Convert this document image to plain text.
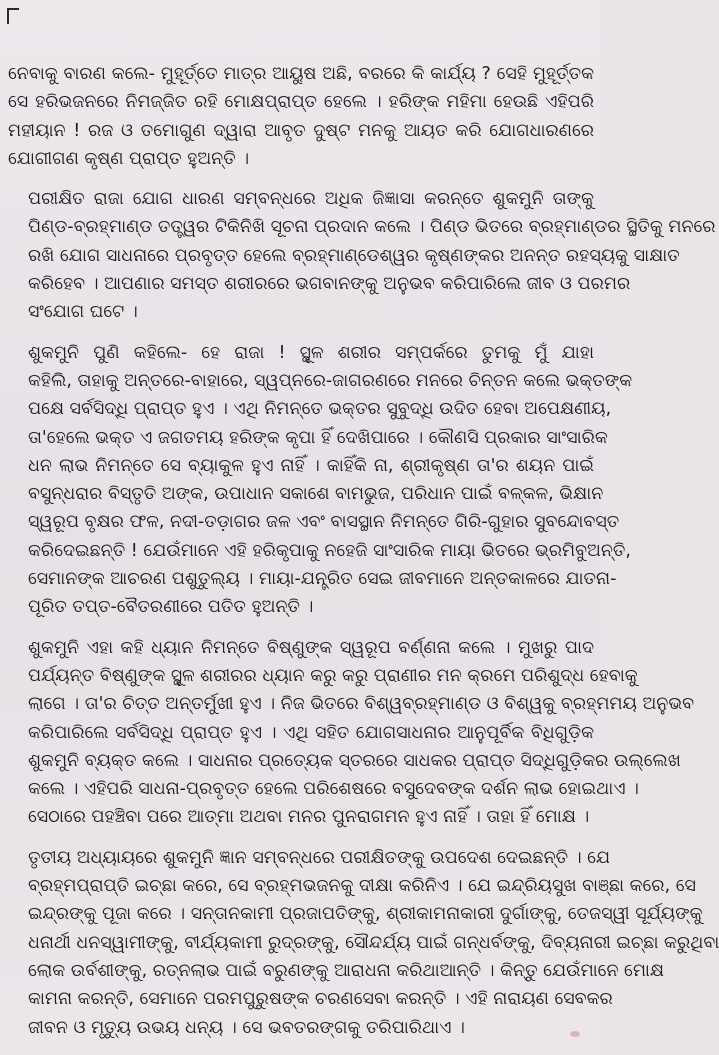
ନେବାକୁ ବାରଣ କଲେ- ମୁହୂର୍ତ୍ତେ ମାତ୍ର ଆୟୁଷ ଅଛି, ବରରେ କି କାର୍ଯ୍ୟ ? ସେହି ମୁହୂର୍ତ୍ତକ
ସେ ହରିଭଜନରେ ନିମଜ୍ଜିତ ରହି ମୋକ୍ଷପ୍ରାପ୍ତ ହେଲେ । ହରିଙ୍କ ମହିମା ହେଉଛି ଏହିପରି
ମହୀୟାନ ! ରଜ ଓ ତମୋଗୁଣ ଦ୍ୱାରା ଆବୃତ ଦୁଷ୍ଟ ମନକୁ ଆୟତ କରି ଯୋଗଧାରଣରେ
ଯୋଗୀଗଣ କୃଷ୍ଣ ପ୍ରାପ୍ତ ହୁଅନ୍ତି ।
ପରୀକ୍ଷିତ ରାଜା ଯୋଗ ଧାରଣ ସମ୍ବନ୍ଧରେ ଅଧିକ ଜିଜ୍ଞାସା କରନ୍ତେ ଶୁକମୁନି ତାଙ୍କୁ
ପିଣ୍ଡ-ବ୍ରହ୍ମାଣ୍ଡ ତତ୍ତ୍ୱର ଟିକିନିଖି ସୂଚନା ପ୍ରଦାନ କଲେ । ପିଣ୍ଡ ଭିତରେ ବ୍ରହ୍ମାଣ୍ଡର ସ୍ଥିତିକୁ ମନରେ
ରଖି ଯୋଗ ସାଧନାରେ ପ୍ରବୃତ୍ତ ହେଲେ ବ୍ରହ୍ମାଣ୍ଡେଶ୍ୱର କୃଷ୍ଣଙ୍କର ଅନନ୍ତ ରହସ୍ୟକୁ ସାକ୍ଷାତ
କରିହେବ । ଆପଣାର ସମସ୍ତ ଶରୀରରେ ଭଗବାନଙ୍କୁ ଅନୁଭବ କରିପାରିଲେ ଜୀବ ଓ ପରମର
ସଂଯୋଗ ଘଟେ ।
ଶୁକମୁନି ପୁଣି କହିଲେ- ହେ ରାଜା ! ସ୍ଥୂଳ ଶରୀର ସମ୍ପର୍କରେ ତୁମକୁ ମୁଁ ଯାହା
କହିଲି, ତାହାକୁ ଅନ୍ତରେ-ବାହାରେ, ସ୍ୱପ୍ନରେ-ଜାଗରଣରେ ମନରେ ଚିନ୍ତନ କଲେ ଭକ୍ତଙ୍କ
ପକ୍ଷେ ସର୍ବସିଦ୍ଧି ପ୍ରାପ୍ତ ହୁଏ । ଏଥି ନିମନ୍ତେ ଭକ୍ତର ସୁବୁଦ୍ଧି ଉଦିତ ହେବା ଅପେକ୍ଷଣୀୟ,
ତା'ହେଲେ ଭକ୍ତ ଏ ଜଗତମୟ ହରିଙ୍କ କୃପା ହିଁ ଦେଖିପାରେ । କୌଣସି ପ୍ରକାର ସାଂସାରିକ
ଧନ ଲାଭ ନିମନ୍ତେ ସେ ବ୍ୟାକୁଳ ହୁଏ ନାହିଁ । କାହିଁକି ନା, ଶ୍ରୀକୃଷ୍ଣ ତା'ର ଶୟନ ପାଇଁ
ବସୁନ୍ଧରାର ବିସ୍ତୃତି ଅଙ୍କ, ଉପାଧାନ ସକାଶେ ବାମଭୁଜ, ପରିଧାନ ପାଇଁ ବଳ୍କଳ, ଭିକ୍ଷାନ
ସ୍ୱରୂପ ବୃକ୍ଷର ଫଳ, ନଦୀ-ତଡ଼ାଗର ଜଳ ଏବଂ ବାସସ୍ଥାନ ନିମନ୍ତେ ଗିରି-ଗୁହାର ସୁବନ୍ଦୋବସ୍ତ
କରିଦେଇଛନ୍ତି ! ଯେଉଁମାନେ ଏହି ହରିକୃପାକୁ ନହେଜି ସାଂସାରିକ ମାୟା ଭିତରେ ଭ୍ରମିବୁଅନ୍ତି,
ସେମାନଙ୍କ ଆଚରଣ ପଶୁତୁଲ୍ୟ । ମାୟା-ଯନ୍ତ୍ରିତ ସେଇ ଜୀବମାନେ ଅନ୍ତକାଳରେ ଯାତନା-
ପୂରିତ ତପ୍ତ-ବୈତରଣୀରେ ପତିତ ହୁଅନ୍ତି ।
ଶୁକମୁନି ଏହା କହି ଧ୍ୟାନ ନିମନ୍ତେ ବିଷ୍ଣୁଙ୍କ ସ୍ୱରୂପ ବର୍ଣ୍ଣନା କଲେ । ମୁଖରୁ ପାଦ
ପର୍ଯ୍ୟନ୍ତ ବିଷ୍ଣୁଙ୍କ ସ୍ଥୂଳ ଶରୀରର ଧ୍ୟାନ କରୁ କରୁ ପ୍ରାଣୀର ମନ କ୍ରମେ ପରିଶୁଦ୍ଧ ହେବାକୁ
ଲାଗେ । ତା'ର ଚିତ୍ତ ଅନ୍ତର୍ମୁଖୀ ହୁଏ । ନିଜ ଭିତରେ ବିଶ୍ୱବ୍ରହ୍ମାଣ୍ଡ ଓ ବିଶ୍ୱକୁ ବ୍ରହ୍ମମୟ ଅନୁଭବ
କରିପାରିଲେ ସର୍ବସିଦ୍ଧି ପ୍ରାପ୍ତ ହୁଏ । ଏଥି ସହିତ ଯୋଗସାଧନାର ଆନୁପୂର୍ବିକ ବିଧିଗୁଡ଼ିକ
ଶୁକମୁନି ବ୍ୟକ୍ତ କଲେ । ସାଧନାର ପ୍ରତ୍ୟେକ ସ୍ତରରେ ସାଧକର ପ୍ରାପ୍ତ ସିଦ୍ଧିଗୁଡ଼ିକର ଉଲ୍ଲେଖ
କଲେ । ଏହିପରି ସାଧନା-ପ୍ରବୃତ୍ତ ହେଲେ ପରିଶେଷରେ ବସୁଦେବଙ୍କ ଦର୍ଶନ ଲାଭ ହୋଇଥାଏ ।
ସେଠାରେ ପହଞ୍ଚିବା ପରେ ଆତ୍ମା ଅଥବା ମନର ପୁନରାଗମନ ହୁଏ ନାହିଁ । ତାହା ହିଁ ମୋକ୍ଷ ।
ତୃତୀୟ ଅଧ୍ୟାୟରେ ଶୁକମୁନି ଜ୍ଞାନ ସମ୍ବନ୍ଧରେ ପରୀକ୍ଷିତଙ୍କୁ ଉପଦେଶ ଦେଇଛନ୍ତି । ଯେ
ବ୍ରହ୍ମପ୍ରାପ୍ତି ଇଚ୍ଛା କରେ, ସେ ବ୍ରହ୍ମଭଜନକୁ ଦୀକ୍ଷା କରିନିଏ । ଯେ ଇନ୍ଦ୍ରିୟସୁଖ ବାଞ୍ଛା କରେ, ସେ
ଇନ୍ଦ୍ରଙ୍କୁ ପୂଜା କରେ । ସନ୍ତାନକାମୀ ପ୍ରଜାପତିଙ୍କୁ, ଶ୍ରୀକାମନାକାରୀ ଦୁର୍ଗାଙ୍କୁ, ତେଜସ୍ୱୀ ସୂର୍ଯ୍ୟଙ୍କୁ
ଧନାର୍ଥୀ ଧନସ୍ୱାମୀଙ୍କୁ, ବୀର୍ଯ୍ୟକାମୀ ରୁଦ୍ରଙ୍କୁ, ସୌନ୍ଦର୍ଯ୍ୟ ପାଇଁ ଗନ୍ଧର୍ବଙ୍କୁ, ଦିବ୍ୟନାରୀ ଇଚ୍ଛା କରୁଥିବା
ଲୋକ ଉର୍ବଶୀଙ୍କୁ, ରତ୍ନଲାଭ ପାଇଁ ବରୁଣଙ୍କୁ ଆରାଧନା କରିଥାଆନ୍ତି । କିନ୍ତୁ ଯେଉଁମାନେ ମୋକ୍ଷ
କାମନା କରନ୍ତି, ସେମାନେ ପରମପୁରୁଷଙ୍କ ଚରଣସେବା କରନ୍ତି । ଏହି ନାରାୟଣ ସେବକର
ଜୀବନ ଓ ମୃତ୍ୟୁ ଉଭୟ ଧନ୍ୟ । ସେ ଭବତରଙ୍ଗକୁ ତରିପାରିଥାଏ ।
